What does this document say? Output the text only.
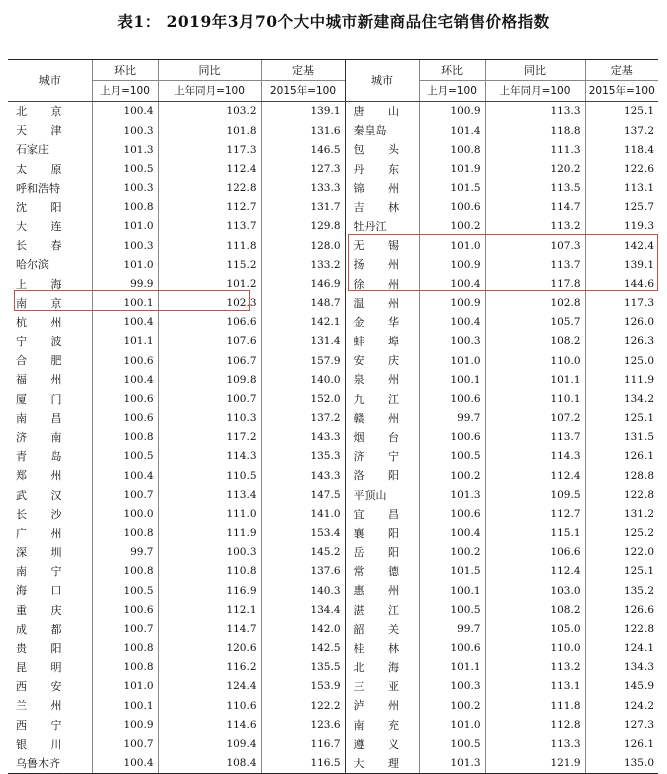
表1： 2019年3月70个大中城市新建商品住宅销售价格指数
城市	环比	同比	定基	城市	环比	同比	定基
	上月=100	上年同月=100	2015年=100		上月=100	上年同月=100	2015年=100
北 京	100.4	103.2	139.1	唐 山	100.9	113.3	125.1
天 津	100.3	101.8	131.6	秦皇岛	101.4	118.8	137.2
石家庄	101.3	117.3	146.5	包 头	100.8	111.3	118.4
太 原	100.5	112.4	127.3	丹 东	101.9	120.2	122.6
呼和浩特	100.3	122.8	133.3	锦 州	101.5	113.5	113.1
沈 阳	100.8	112.7	131.7	吉 林	100.6	114.7	125.7
大 连	101.0	113.7	129.8	牡丹江	100.2	113.2	119.3
长 春	100.3	111.8	128.0	无 锡	101.0	107.3	142.4
哈尔滨	101.0	115.2	133.2	扬 州	100.9	113.7	139.1
上 海	99.9	101.2	146.9	徐 州	100.4	117.8	144.6
南 京	100.1	102.3	148.7	温 州	100.9	102.8	117.3
杭 州	100.4	106.6	142.1	金 华	100.4	105.7	126.0
宁 波	101.1	107.6	131.4	蚌 埠	100.3	108.2	126.3
合 肥	100.6	106.7	157.9	安 庆	101.0	110.0	125.0
福 州	100.4	109.8	140.0	泉 州	100.1	101.1	111.9
厦 门	100.6	100.7	152.0	九 江	100.6	110.1	134.2
南 昌	100.6	110.3	137.2	赣 州	99.7	107.2	125.1
济 南	100.8	117.2	143.3	烟 台	100.6	113.7	131.5
青 岛	100.5	114.3	135.3	济 宁	100.5	114.3	126.1
郑 州	100.4	110.5	143.3	洛 阳	100.2	112.4	128.8
武 汉	100.7	113.4	147.5	平顶山	101.3	109.5	122.8
长 沙	100.0	111.0	141.0	宜 昌	100.6	112.7	131.2
广 州	100.8	111.9	153.4	襄 阳	100.4	115.1	125.2
深 圳	99.7	100.3	145.2	岳 阳	100.2	106.6	122.0
南 宁	100.8	110.8	137.6	常 德	101.5	112.4	125.1
海 口	100.5	116.9	140.3	惠 州	100.1	103.0	135.2
重 庆	100.6	112.1	134.4	湛 江	100.5	108.2	126.6
成 都	100.7	114.7	142.0	韶 关	99.7	105.0	122.8
贵 阳	100.8	120.6	142.5	桂 林	100.6	110.0	124.1
昆 明	100.8	116.2	135.5	北 海	101.1	113.2	134.3
西 安	101.0	124.4	153.9	三 亚	100.3	113.1	145.9
兰 州	100.1	110.6	122.2	泸 州	100.2	111.8	124.2
西 宁	100.9	114.6	123.6	南 充	101.0	112.8	127.3
银 川	100.7	109.4	116.7	遵 义	100.5	113.3	126.1
乌鲁木齐	100.4	108.4	116.5	大 理	101.3	121.9	135.0
